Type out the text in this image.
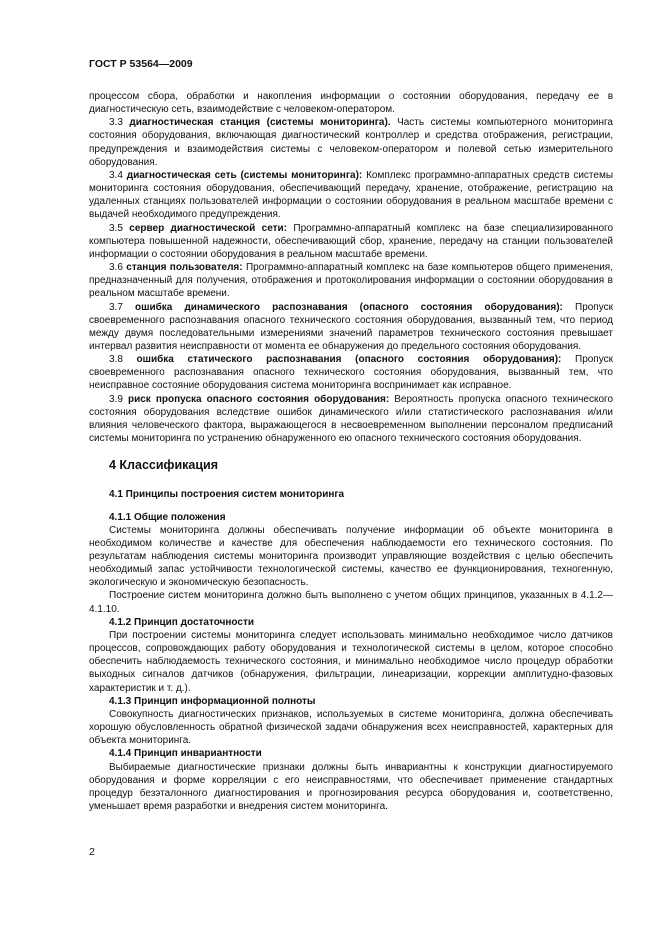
ГОСТ Р 53564—2009

процессом сбора, обработки и накопления информации о состоянии оборудования, передачу ее в диагностическую сеть, взаимодействие с человеком-оператором.

3.3 диагностическая станция (системы мониторинга). Часть системы компьютерного мониторинга состояния оборудования, включающая диагностический контроллер и средства отображения, регистрации, предупреждения и взаимодействия системы с человеком-оператором и полевой сетью измерительного оборудования.

3.4 диагностическая сеть (системы мониторинга): Комплекс программно-аппаратных средств системы мониторинга состояния оборудования, обеспечивающий передачу, хранение, отображение, регистрацию на удаленных станциях пользователей информации о состоянии оборудования в реальном масштабе времени с выдачей необходимого предупреждения.

3.5 сервер диагностической сети: Программно-аппаратный комплекс на базе специализированного компьютера повышенной надежности, обеспечивающий сбор, хранение, передачу на станции пользователей информации о состоянии оборудования в реальном масштабе времени.

3.6 станция пользователя: Программно-аппаратный комплекс на базе компьютеров общего применения, предназначенный для получения, отображения и протоколирования информации о состоянии оборудования в реальном масштабе времени.

3.7 ошибка динамического распознавания (опасного состояния оборудования): Пропуск своевременного распознавания опасного технического состояния оборудования, вызванный тем, что период между двумя последовательными измерениями значений параметров технического состояния превышает интервал развития неисправности от момента ее обнаружения до предельного состояния оборудования.

3.8 ошибка статического распознавания (опасного состояния оборудования): Пропуск своевременного распознавания опасного технического состояния оборудования, вызванный тем, что неисправное состояние оборудования система мониторинга воспринимает как исправное.

3.9 риск пропуска опасного состояния оборудования: Вероятность пропуска опасного технического состояния оборудования вследствие ошибок динамического и/или статистического распознавания и/или влияния человеческого фактора, выражающегося в несвоевременном выполнении персоналом предписаний системы мониторинга по устранению обнаруженного ею опасного технического состояния оборудования.

4 Классификация

4.1 Принципы построения систем мониторинга

4.1.1 Общие положения

Системы мониторинга должны обеспечивать получение информации об объекте мониторинга в необходимом количестве и качестве для обеспечения наблюдаемости его технического состояния. По результатам наблюдения системы мониторинга производит управляющие воздействия с целью обеспечить необходимый запас устойчивости технологической системы, качество ее функционирования, техногенную, экологическую и экономическую безопасность.

Построение систем мониторинга должно быть выполнено с учетом общих принципов, указанных в 4.1.2—4.1.10.

4.1.2 Принцип достаточности

При построении системы мониторинга следует использовать минимально необходимое число датчиков процессов, сопровождающих работу оборудования и технологической системы в целом, которое способно обеспечить наблюдаемость технического состояния, и минимально необходимое число процедур обработки выходных сигналов датчиков (обнаружения, фильтрации, линеаризации, коррекции амплитудно-фазовых характеристик и т. д.).

4.1.3 Принцип информационной полноты

Совокупность диагностических признаков, используемых в системе мониторинга, должна обеспечивать хорошую обусловленность обратной физической задачи обнаружения всех неисправностей, характерных для объекта мониторинга.

4.1.4 Принцип инвариантности

Выбираемые диагностические признаки должны быть инвариантны к конструкции диагностируемого оборудования и форме корреляции с его неисправностями, что обеспечивает применение стандартных процедур безэталонного диагностирования и прогнозирования ресурса оборудования и, соответственно, уменьшает время разработки и внедрения систем мониторинга.

2
